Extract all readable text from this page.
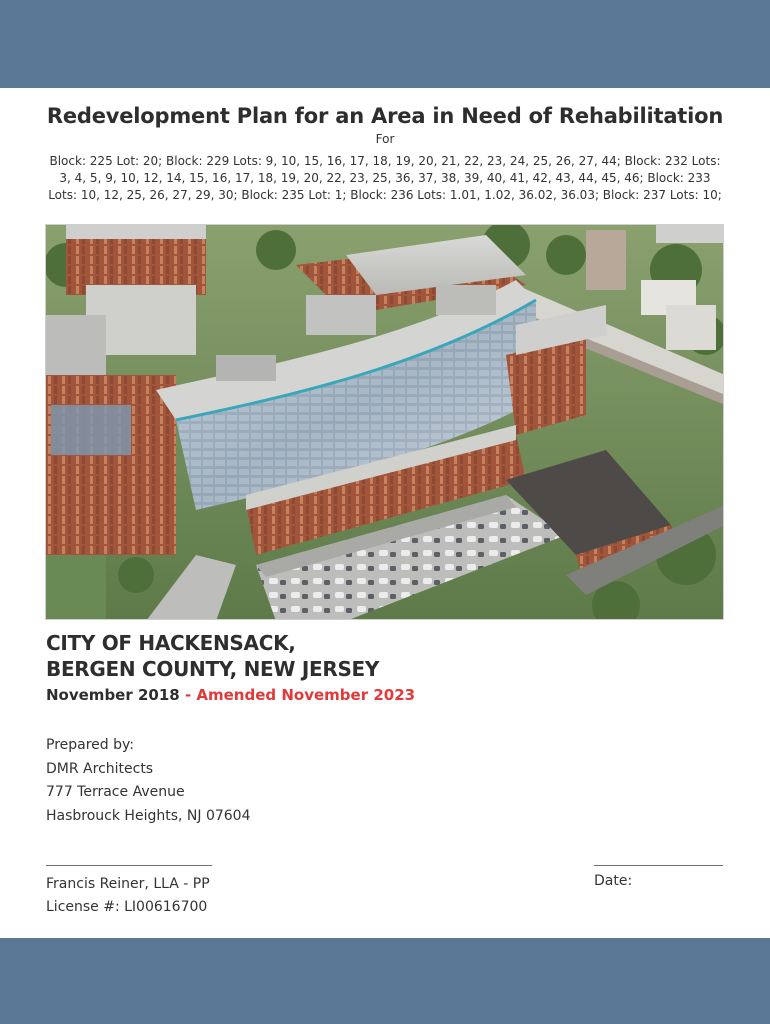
Redevelopment Plan for an Area in Need of Rehabilitation
For
Block: 225 Lot: 20; Block: 229 Lots: 9, 10, 15, 16, 17, 18, 19, 20, 21, 22, 23, 24, 25, 26, 27, 44; Block: 232 Lots: 3, 4, 5, 9, 10, 12, 14, 15, 16, 17, 18, 19, 20, 22, 23, 25, 36, 37, 38, 39, 40, 41, 42, 43, 44, 45, 46; Block: 233 Lots: 10, 12, 25, 26, 27, 29, 30; Block: 235 Lot: 1; Block: 236 Lots: 1.01, 1.02, 36.02, 36.03; Block: 237 Lots: 10;
CITY OF HACKENSACK,
BERGEN COUNTY, NEW JERSEY
November 2018 - Amended November 2023
Prepared by:
DMR Architects
777 Terrace Avenue
Hasbrouck Heights, NJ 07604
Francis Reiner, LLA - PP
License #: LI00616700
Date:
